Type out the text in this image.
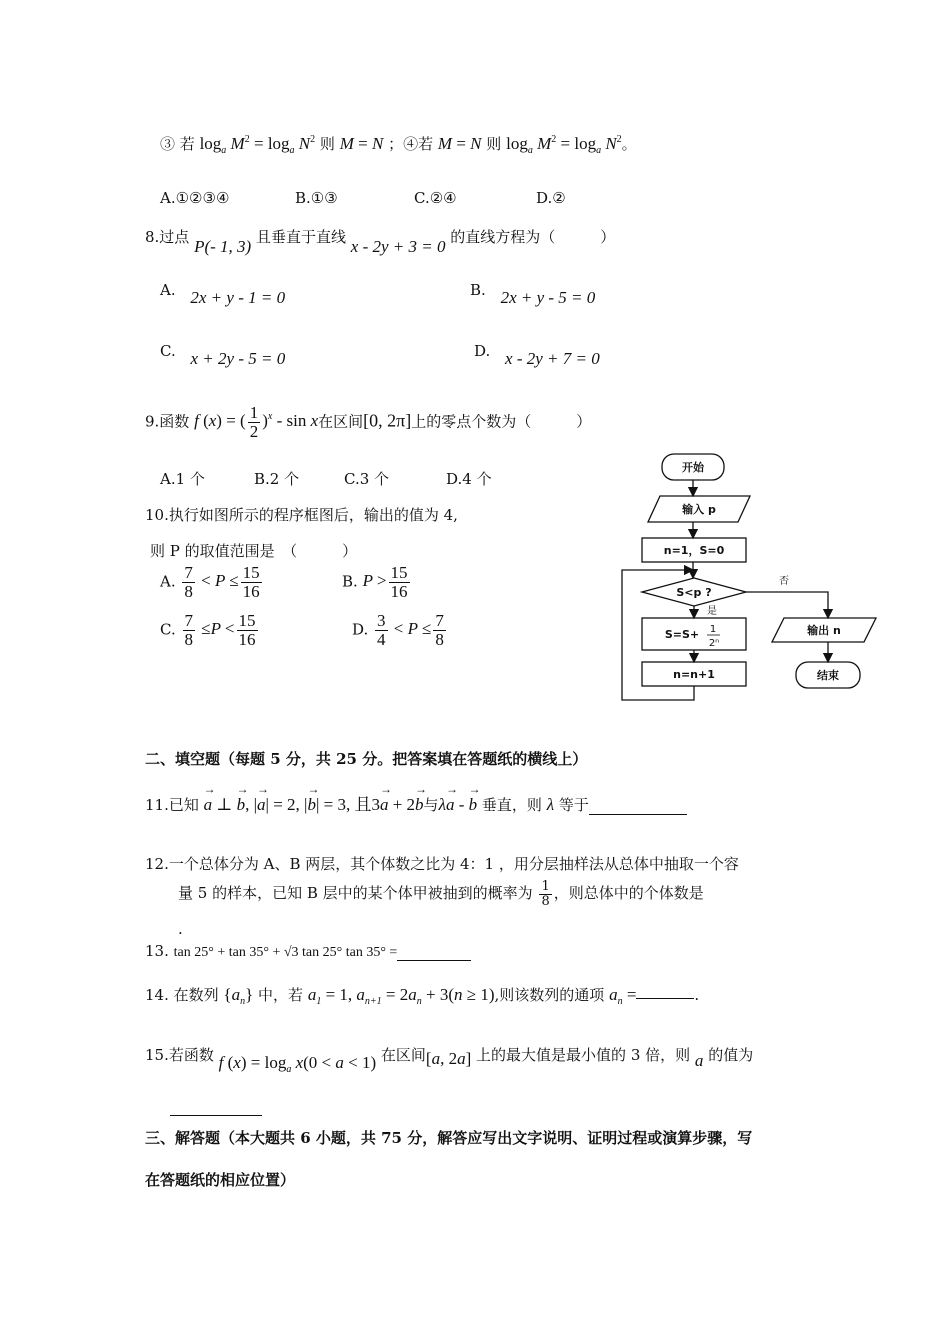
③ 若 $\log_a M^2 = \log_a N^2$ 则 M = N ；④若 M = N 则 $\log_a M^2 = \log_a N^2$。
A.①②③④	B.①③	C.②④	D.②
8.过点 P(- 1, 3) 且垂直于直线 x - 2y + 3 = 0 的直线方程为（　　　）
A. 2x + y - 1 = 0	B. 2x + y - 5 = 0
C. x + 2y - 5 = 0	D. x - 2y + 7 = 0
9.函数 f (x) = ( $\frac{1}{2} )^x$ - sin x在区间[0, 2π]上的零点个数为（　　　）
A.1 个	B.2 个	C.3 个	D.4 个
10.执行如图所示的程序框图后，输出的值为 4,
则 P 的取值范围是　（　　　）
A. $\frac{7}{8} < P \le \frac{15}{16}$	B. $P > \frac{15}{16}$
C. $\frac{7}{8} \le P < \frac{15}{16}$	D. $\frac{3}{4} < P \le \frac{7}{8}$
开始
输入 p
n=1，S=0
S<p ?
S=S+
n=n+1
输出 n
结束
1
2ⁿ
否
是
二、填空题（每题 5 分，共 25 分。把答案填在答题纸的横线上）
11.已知 → a ⊥ → b, |→ a| = 2, |→ b| = 3, 且3→ a + 2→ b与λ→ a - → b 垂直，则 λ 等于
12.一个总体分为 A、B 两层，其个体数之比为 4：1 ，用分层抽样法从总体中抽取一个容
量 5 的样本，已知 B 层中的某个体甲被抽到的概率为 $\frac{1}{8}$ ，则总体中的个体数是
.
13. tan 25° + tan 35° + √3 tan 25° tan 35° =
14. 在数列 $\{a_n\}$ 中，若 $a_1 = 1$, $a_{n+1} = 2a_n + 3(n \ge 1)$,则该数列的通项 $a_n$ =	.
15.若函数 f $(x) = \log_a x(0 < a < 1)$ 在区间[a, 2a] 上的最大值是最小值的 3 倍，则 a 的值为
三、解答题（本大题共 6 小题，共 75 分，解答应写出文字说明、证明过程或演算步骤，写
在答题纸的相应位置）
